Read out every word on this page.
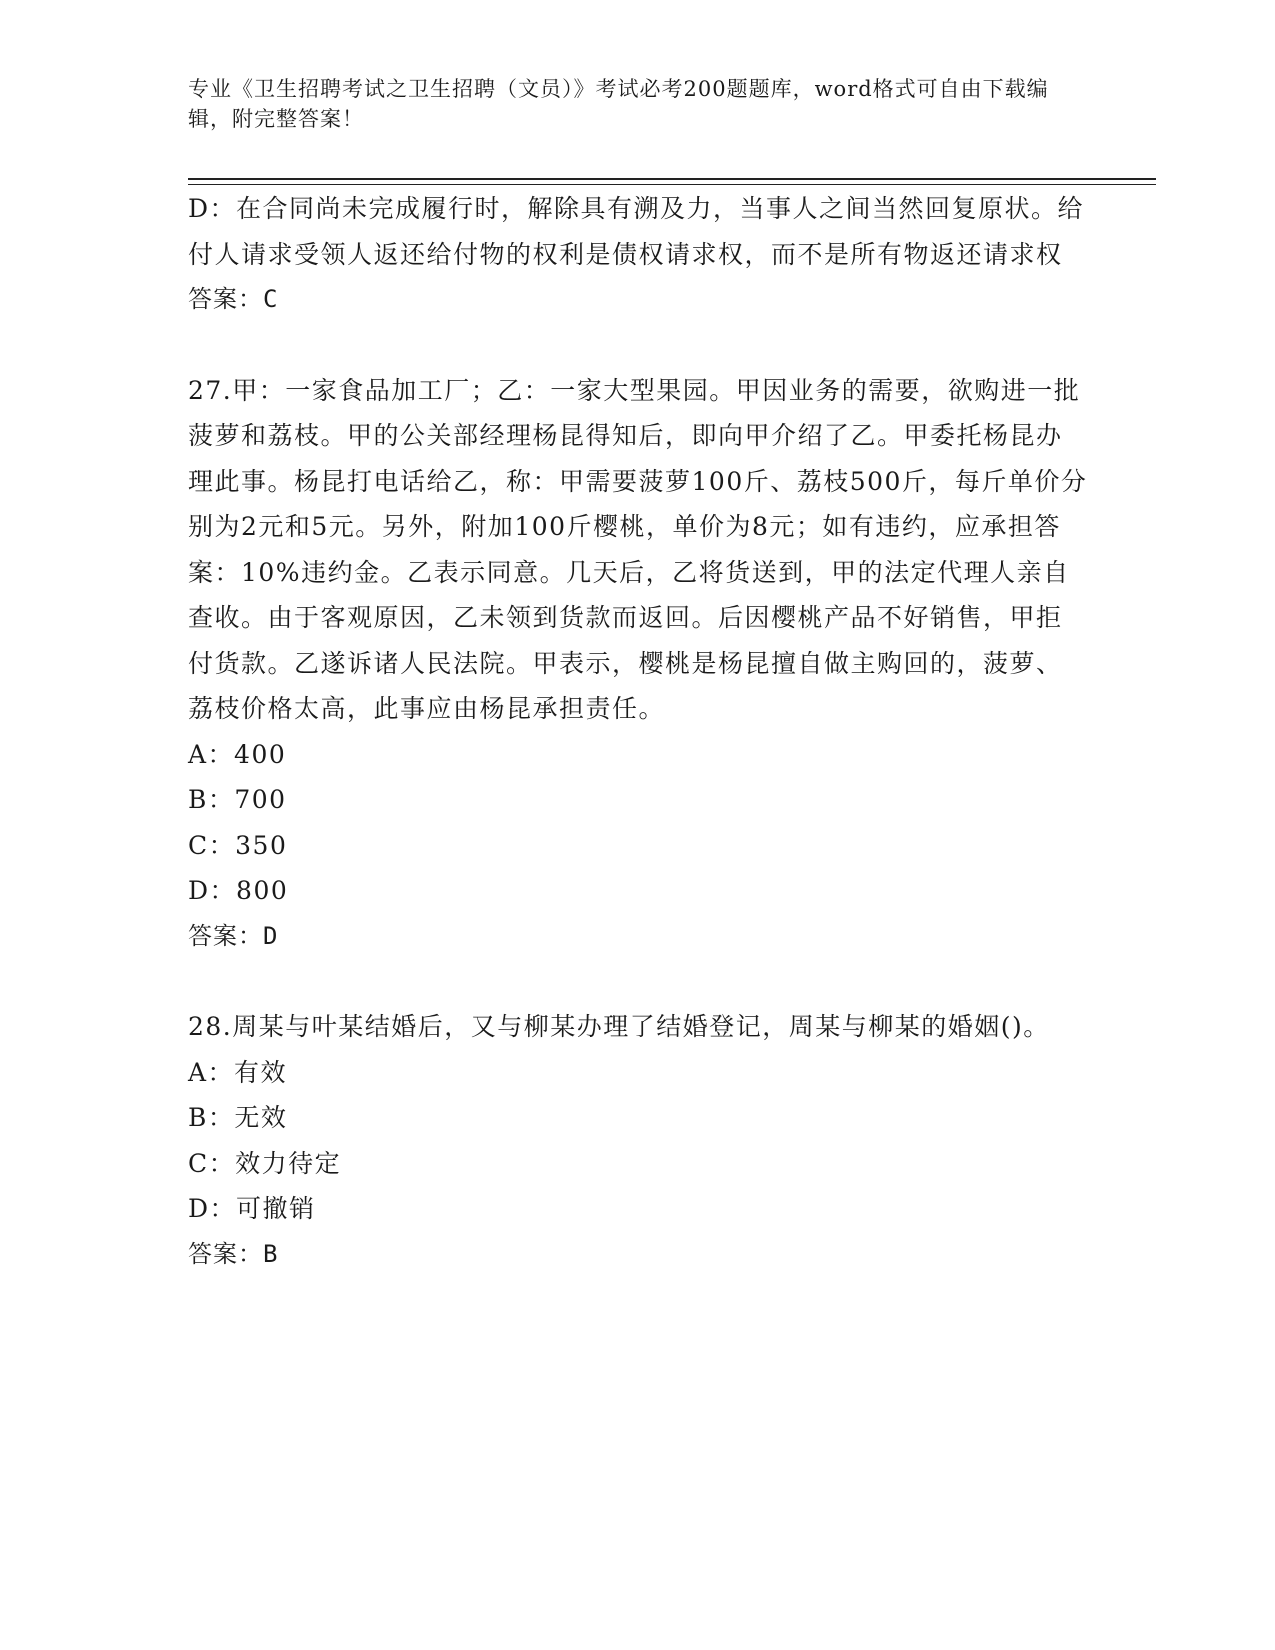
专业《卫生招聘考试之卫生招聘（文员）》考试必考200题题库，word格式可自由下载编辑，附完整答案！

D：在合同尚未完成履行时，解除具有溯及力，当事人之间当然回复原状。给付人请求受领人返还给付物的权利是债权请求权，而不是所有物返还请求权

答案：C

27.甲：一家食品加工厂；乙：一家大型果园。甲因业务的需要，欲购进一批菠萝和荔枝。甲的公关部经理杨昆得知后，即向甲介绍了乙。甲委托杨昆办理此事。杨昆打电话给乙，称：甲需要菠萝100斤、荔枝500斤，每斤单价分别为2元和5元。另外，附加100斤樱桃，单价为8元；如有违约，应承担答案：10%违约金。乙表示同意。几天后，乙将货送到，甲的法定代理人亲自查收。由于客观原因，乙未领到货款而返回。后因樱桃产品不好销售，甲拒付货款。乙遂诉诸人民法院。甲表示，樱桃是杨昆擅自做主购回的，菠萝、荔枝价格太高，此事应由杨昆承担责任。

A：400

B：700

C：350

D：800

答案：D

28.周某与叶某结婚后，又与柳某办理了结婚登记，周某与柳某的婚姻()。

A：有效

B：无效

C：效力待定

D：可撤销

答案：B
